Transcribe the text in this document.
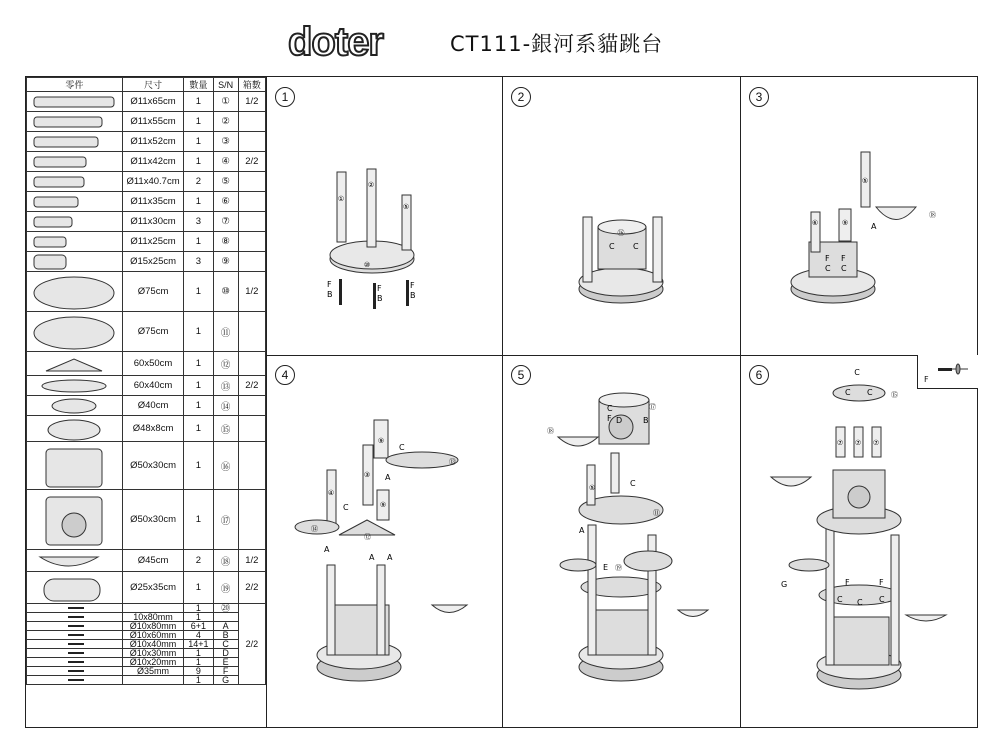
doter	CT111-銀河系貓跳台
零件	尺寸	數量	S/N	箱數

	Ø11x65cm	1	①	1/2

	Ø11x55cm	1	②	

	Ø11x52cm	1	③	

	Ø11x42cm	1	④	2/2

	Ø11x40.7cm	2	⑤	

	Ø11x35cm	1	⑥	

	Ø11x30cm	3	⑦	

	Ø11x25cm	1	⑧	

	Ø15x25cm	3	⑨	

	Ø75cm	1	⑩	1/2

	Ø75cm	1	⑪	

	60x50cm	1	⑫	

	60x40cm	1	⑬	2/2

	Ø40cm	1	⑭	

	Ø48x8cm	1	⑮	

	Ø50x30cm	1	⑯	

	Ø50x30cm	1	⑰	

	Ø45cm	2	⑱	1/2

	Ø25x35cm	1	⑲	2/2

		1	⑳	2/2

	10x80mm	1		

	Ø10x80mm	6+1	A	

	Ø10x60mm	4	B	

	Ø10x40mm	14+1	C	

	Ø10x30mm	1	D	

	Ø10x20mm	1	E	

	Ø35mm	9	F	

		1	G	
1
①
②
⑤
⑩
F
B
F
B
F
B
2
⑯
C C
3
⑤
⑥	⑨
⑱
A
F F
C C
4
⑨
C
③
⑬
A
④
C	⑨
⑭
⑫
A
A A
5
C
F
⑰
D	B
⑱
⑤	C
⑪
A
E ⑲
6	F
C
C C	⑮
⑦ ⑦ ⑦
F	F
C C C
G
